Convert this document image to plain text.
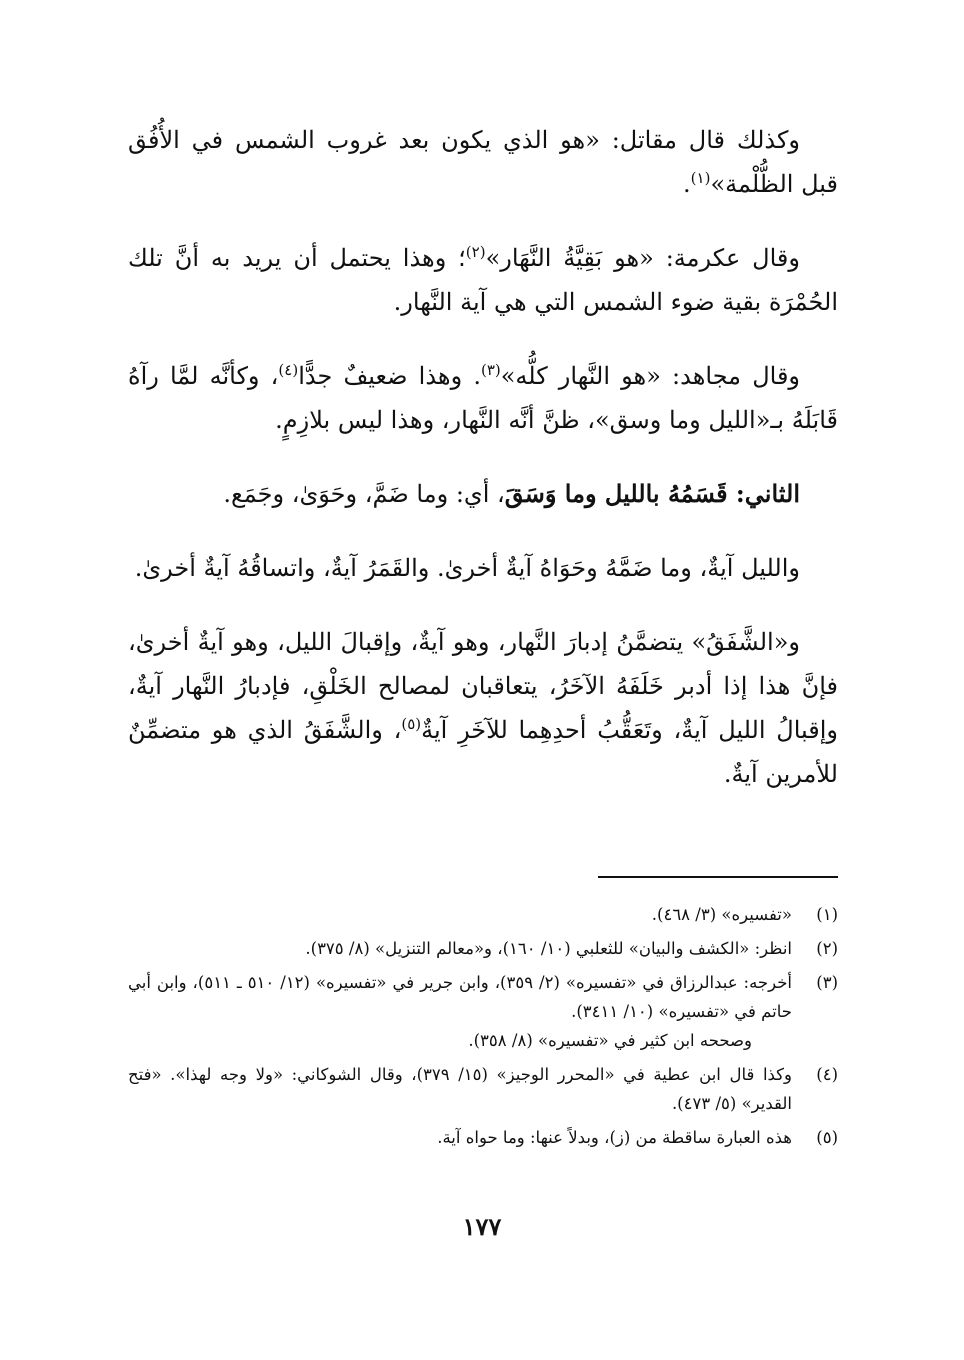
وكذلك قال مقاتل: «هو الذي يكون بعد غروب الشمس في الأُفُق قبل الظُّلْمة»$^{(١)}$.

وقال عكرمة: «هو بَقِيَّةُ النَّهَار»$^{(٢)}$؛ وهذا يحتمل أن يريد به أنَّ تلك الحُمْرَة بقية ضوء الشمس التي هي آية النَّهار.

وقال مجاهد: «هو النَّهار كلُّه»$^{(٣)}$. وهذا ضعيفٌ جدًّا$^{(٤)}$، وكأنَّه لمَّا رآهُ قَابَلَهُ بـ«الليل وما وسق»، ظنَّ أنَّه النَّهار، وهذا ليس بلازِمٍ.

الثاني: قَسَمُهُ بالليل وما وَسَقَ، أي: وما ضَمَّ، وحَوَىٰ، وجَمَع.

والليل آيةٌ، وما ضَمَّهُ وحَوَاهُ آيةٌ أخرىٰ. والقَمَرُ آيةٌ، واتساقُهُ آيةٌ أخرىٰ.

و«الشَّفَقُ» يتضمَّنُ إدبارَ النَّهار، وهو آيةٌ، وإقبالَ الليل، وهو آيةٌ أخرىٰ، فإنَّ هذا إذا أدبر خَلَفَهُ الآخَرُ، يتعاقبان لمصالح الخَلْقِ، فإدبارُ النَّهار آيةٌ، وإقبالُ الليل آيةٌ، وتَعَقُّبُ أحدِهِما للآخَرِ آيةٌ$^{(٥)}$، والشَّفَقُ الذي هو متضمِّنٌ للأمرين آيةٌ.

(١)
«تفسيره» (٣/ ٤٦٨).
(٢)
انظر: «الكشف والبيان» للثعلبي (١٠/ ١٦٠)، و«معالم التنزيل» (٨/ ٣٧٥).
(٣)
أخرجه: عبدالرزاق في «تفسيره» (٢/ ٣٥٩)، وابن جرير في «تفسيره» (١٢/ ٥١٠ ـ ٥١١)، وابن أبي حاتم في «تفسيره» (١٠/ ٣٤١١).
وصححه ابن كثير في «تفسيره» (٨/ ٣٥٨).
(٤)
وكذا قال ابن عطية في «المحرر الوجيز» (١٥/ ٣٧٩)، وقال الشوكاني: «ولا وجه لهذا». «فتح القدير» (٥/ ٤٧٣).
(٥)
هذه العبارة ساقطة من (ز)، وبدلاً عنها: وما حواه آية.
١٧٧
